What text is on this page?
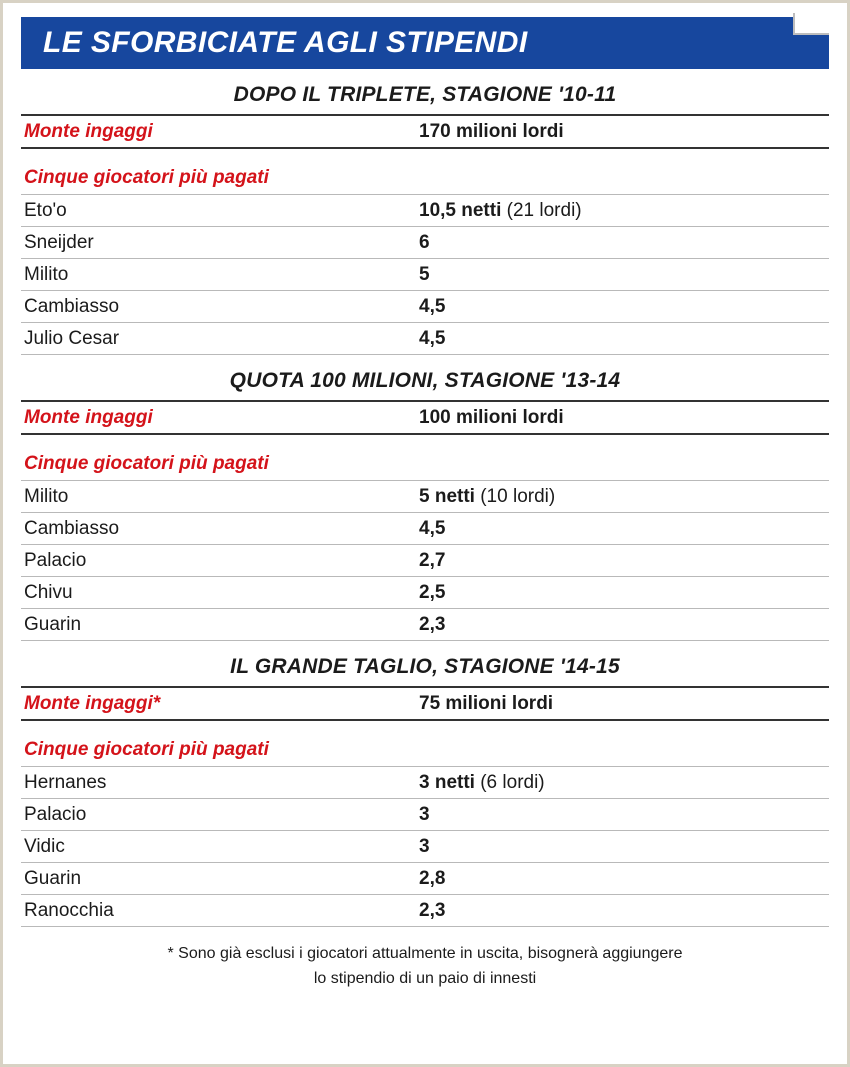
LE SFORBICIATE AGLI STIPENDI
DOPO IL TRIPLETE, STAGIONE '10-11
Monte ingaggi	170 milioni lordi
Cinque giocatori più pagati
Eto'o	10,5 netti (21 lordi)
Sneijder	6
Milito	5
Cambiasso	4,5
Julio Cesar	4,5
QUOTA 100 MILIONI, STAGIONE '13-14
Monte ingaggi	100 milioni lordi
Cinque giocatori più pagati
Milito	5 netti (10 lordi)
Cambiasso	4,5
Palacio	2,7
Chivu	2,5
Guarin	2,3
IL GRANDE TAGLIO, STAGIONE '14-15
Monte ingaggi*	75 milioni lordi
Cinque giocatori più pagati
Hernanes	3 netti (6 lordi)
Palacio	3
Vidic	3
Guarin	2,8
Ranocchia	2,3
* Sono già esclusi i giocatori attualmente in uscita, bisognerà aggiungere
lo stipendio di un paio di innesti
